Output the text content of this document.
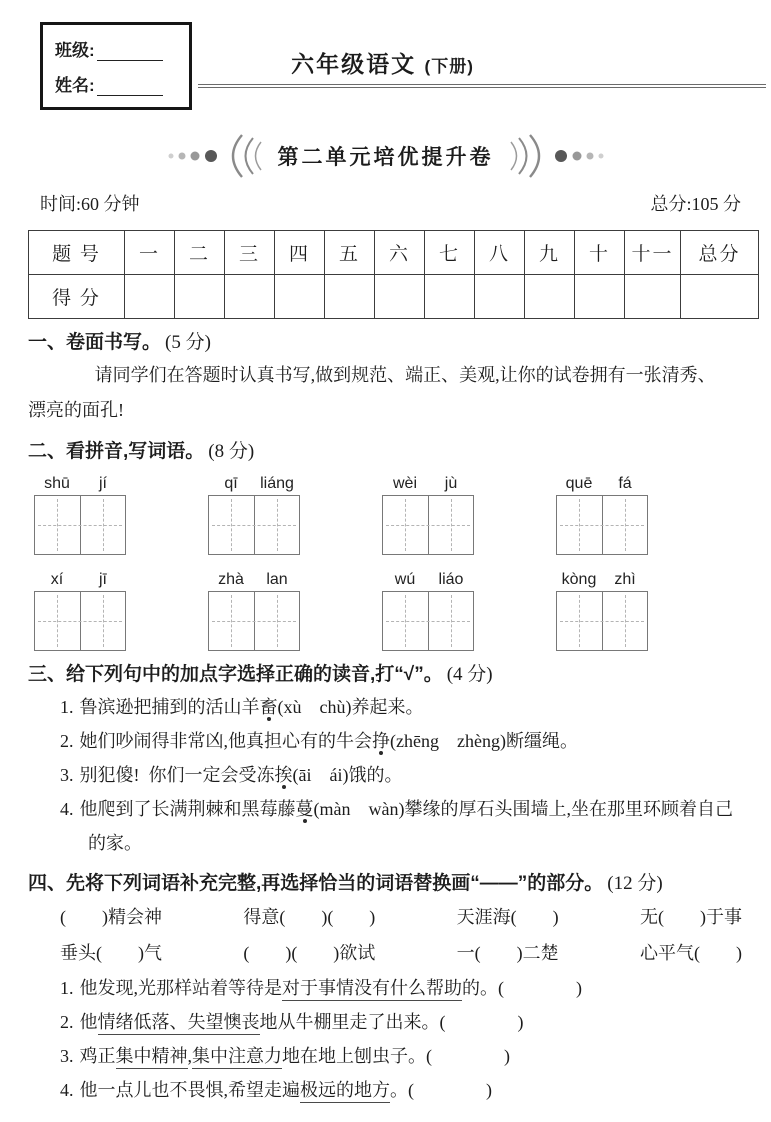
班级:
姓名:
六年级语文 (下册)
第二单元培优提升卷
时间:60 分钟	总分:105 分
题 号	一	二	三	四	五	六	七	八	九	十	十一	总分
得 分												
一、卷面书写。 (5 分)
请同学们在答题时认真书写,做到规范、端正、美观,让你的试卷拥有一张清秀、
漂亮的面孔!
二、看拼音,写词语。 (8 分)
shū	jí	qī	liáng	wèi	jù	quē	fá
xí	jī	zhà	lan	wú	liáo	kòng	zhì
三、给下列句中的加点字选择正确的读音,打“√”。 (4 分)
1. 鲁滨逊把捕到的活山羊畜(xù  chù)养起来。
2. 她们吵闹得非常凶,他真担心有的牛会挣(zhēng  zhèng)断缰绳。
3. 别犯傻! 你们一定会受冻挨(āi  ái)饿的。
4. 他爬到了长满荆棘和黑莓藤蔓(màn  wàn)攀缘的厚石头围墙上,坐在那里环顾着自己的家。
四、先将下列词语补充完整,再选择恰当的词语替换画“——”的部分。 (12 分)
(　　)精会神	得意(　　)(　　)	天涯海(　　)	无(　　)于事
垂头(　　)气	(　　)(　　)欲试	一(　　)二楚	心平气(　　)
1. 他发现,光那样站着等待是对于事情没有什么帮助的。(　　　　)
2. 他情绪低落、失望懊丧地从牛棚里走了出来。(　　　　)
3. 鸡正集中精神,集中注意力地在地上刨虫子。(　　　　)
4. 他一点儿也不畏惧,希望走遍极远的地方。(　　　　)
